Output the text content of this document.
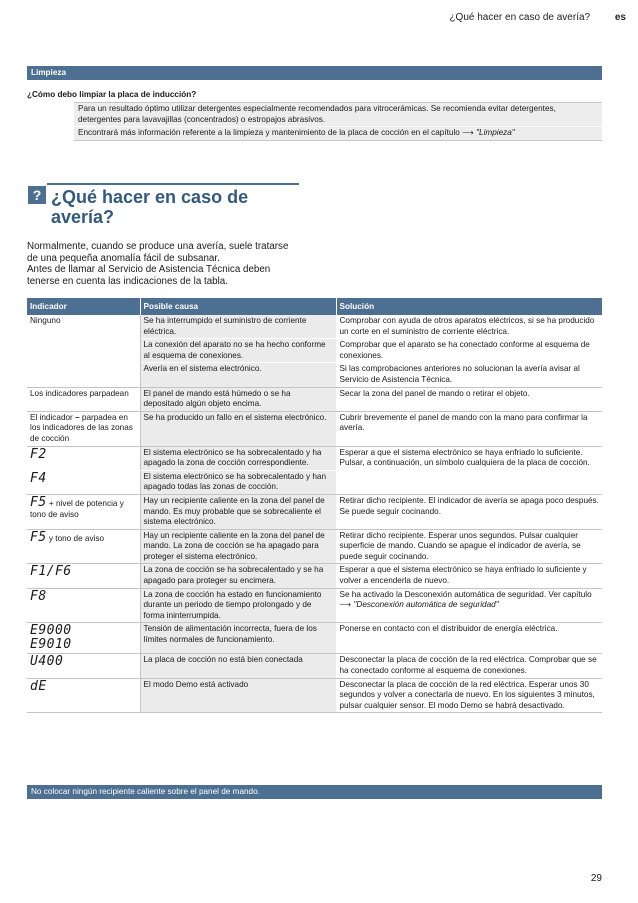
¿Qué hacer en caso de avería? es
Limpieza
¿Cómo debo limpiar la placa de inducción?

Para un resultado óptimo utilizar detergentes especialmente recomendados para vitrocerámicas. Se recomienda evitar detergentes, detergentes para lavavajillas (concentrados) o estropajos abrasivos.

Encontrará más información referente a la limpieza y mantenimiento de la placa de cocción en el capítulo ⟶ "Limpieza"

? ¿Qué hacer en caso de avería?

Normalmente, cuando se produce una avería, suele tratarse de una pequeña anomalía fácil de subsanar.

Antes de llamar al Servicio de Asistencia Técnica deben tenerse en cuenta las indicaciones de la tabla.

Indicador	Posible causa	Solución
Ninguno	Se ha interrumpido el suministro de corriente eléctrica.	Comprobar con ayuda de otros aparatos eléctricos, si se ha producido un corte en el suministro de corriente eléctrica.
	La conexión del aparato no se ha hecho conforme al esquema de conexiones.	Comprobar que el aparato se ha conectado conforme al esquema de conexiones.
	Avería en el sistema electrónico.	Si las comprobaciones anteriores no solucionan la avería avisar al Servicio de Asistencia Técnica.
Los indicadores parpadean	El panel de mando está húmedo o se ha depositado algún objeto encima.	Secar la zona del panel de mando o retirar el objeto.
El indicador – parpadea en los indicadores de las zonas de cocción	Se ha producido un fallo en el sistema electrónico.	Cubrir brevemente el panel de mando con la mano para confirmar la avería.

F2	El sistema electrónico se ha sobrecalentado y ha apagado la zona de cocción correspondiente.	Esperar a que el sistema electrónico se haya enfriado lo suficiente. Pulsar, a continuación, un símbolo cualquiera de la placa de cocción.

F4	El sistema electrónico se ha sobrecalentado y han apagado todas las zonas de cocción.	
F5 + nivel de potencia y tono de aviso	Hay un recipiente caliente en la zona del panel de mando. Es muy probable que se sobrecaliente el sistema electrónico.	Retirar dicho recipiente. El indicador de avería se apaga poco después. Se puede seguir cocinando.
F5 y tono de aviso	Hay un recipiente caliente en la zona del panel de mando. La zona de cocción se ha apagado para proteger el sistema electrónico.	Retirar dicho recipiente. Esperar unos segundos. Pulsar cualquier superficie de mando. Cuando se apague el indicador de avería, se puede seguir cocinando.

F1/F6	La zona de cocción se ha sobrecalentado y se ha apagado para proteger su encimera.	Esperar a que el sistema electrónico se haya enfriado lo suficiente y volver a encenderla de nuevo.

F8	La zona de cocción ha estado en funcionamiento durante un periodo de tiempo prolongado y de forma ininterrumpida.	Se ha activado la Desconexión automática de seguridad. Ver capítulo ⟶ "Desconexión automática de seguridad"

E9000
E9010	Tensión de alimentación incorrecta, fuera de los límites normales de funcionamiento.	Ponerse en contacto con el distribuidor de energía eléctrica.

U400	La placa de cocción no está bien conectada	Desconectar la placa de cocción de la red eléctrica. Comprobar que se ha conectado conforme al esquema de conexiones.

dE	El modo Demo está activado	Desconectar la placa de cocción de la red eléctrica. Esperar unos 30 segundos y volver a conectarla de nuevo. En los siguientes 3 minutos, pulsar cualquier sensor. El modo Demo se habrá desactivado.
No colocar ningún recipiente caliente sobre el panel de mando.
29
